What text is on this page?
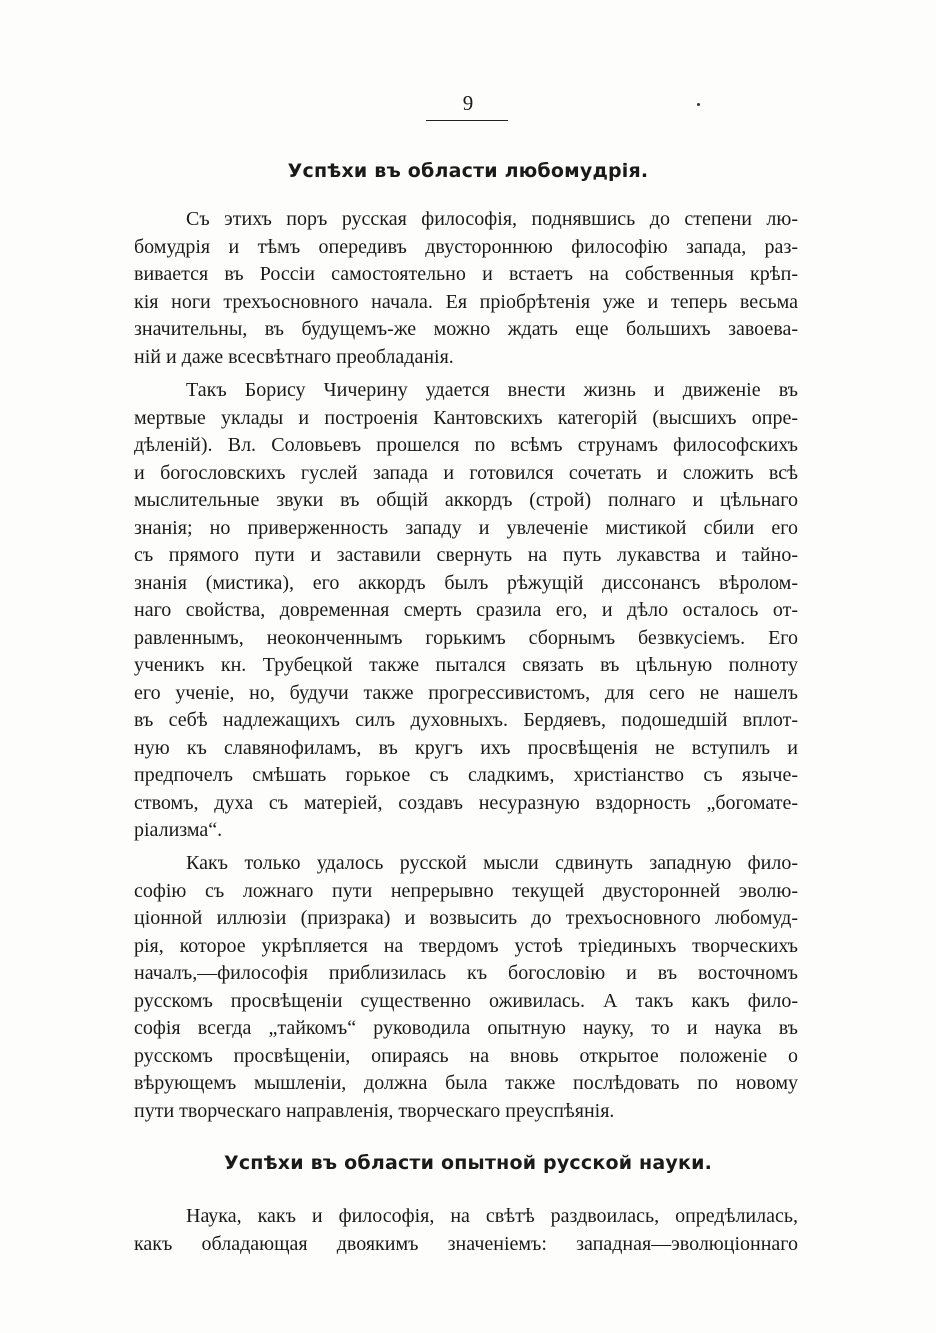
9
Успѣхи въ области любомудрія.
Съ этихъ поръ русская философія, поднявшись до степени лю-
бомудрія и тѣмъ опередивъ двустороннюю философію запада, раз-
вивается въ Россіи самостоятельно и встаетъ на собственныя крѣп-
кія ноги трехъосновного начала. Ея пріобрѣтенія уже и теперь весьма
значительны, въ будущемъ-же можно ждать еще большихъ завоева-
ній и даже всесвѣтнаго преобладанія.
Такъ Борису Чичерину удается внести жизнь и движеніе въ
мертвые уклады и построенія Кантовскихъ категорій (высшихъ опре-
дѣленій). Вл. Соловьевъ прошелся по всѣмъ струнамъ философскихъ
и богословскихъ гуслей запада и готовился сочетать и сложить всѣ
мыслительные звуки въ общій аккордъ (строй) полнаго и цѣльнаго
знанія; но приверженность западу и увлеченіе мистикой сбили его
съ прямого пути и заставили свернуть на путь лукавства и тайно-
знанія (мистика), его аккордъ былъ рѣжущій диссонансъ вѣролом-
наго свойства, довременная смерть сразила его, и дѣло осталось от-
равленнымъ, неоконченнымъ горькимъ сборнымъ безвкусіемъ. Его
ученикъ кн. Трубецкой также пытался связать въ цѣльную полноту
его ученіе, но, будучи также прогрессивистомъ, для сего не нашелъ
въ себѣ надлежащихъ силъ духовныхъ. Бердяевъ, подошедшій вплот-
ную къ славянофиламъ, въ кругъ ихъ просвѣщенія не вступилъ и
предпочелъ смѣшать горькое съ сладкимъ, христіанство съ языче-
ствомъ, духа съ матеріей, создавъ несуразную вздорность „богомате-
ріализма“.
Какъ только удалось русской мысли сдвинуть западную фило-
софію съ ложнаго пути непрерывно текущей двусторонней эволю-
ціонной иллюзіи (призрака) и возвысить до трехъосновного любомуд-
рія, которое укрѣпляется на твердомъ устоѣ тріединыхъ творческихъ
началъ,—философія приблизилась къ богословію и въ восточномъ
русскомъ просвѣщеніи существенно оживилась. А такъ какъ фило-
софія всегда „тайкомъ“ руководила опытную науку, то и наука въ
русскомъ просвѣщеніи, опираясь на вновь открытое положеніе о
вѣрующемъ мышленіи, должна была также послѣдовать по новому
пути творческаго направленія, творческаго преуспѣянія.
Успѣхи въ области опытной русской науки.
Наука, какъ и философія, на свѣтѣ раздвоилась, опредѣлилась,
какъ обладающая двоякимъ значеніемъ: западная—эволюціоннаго
